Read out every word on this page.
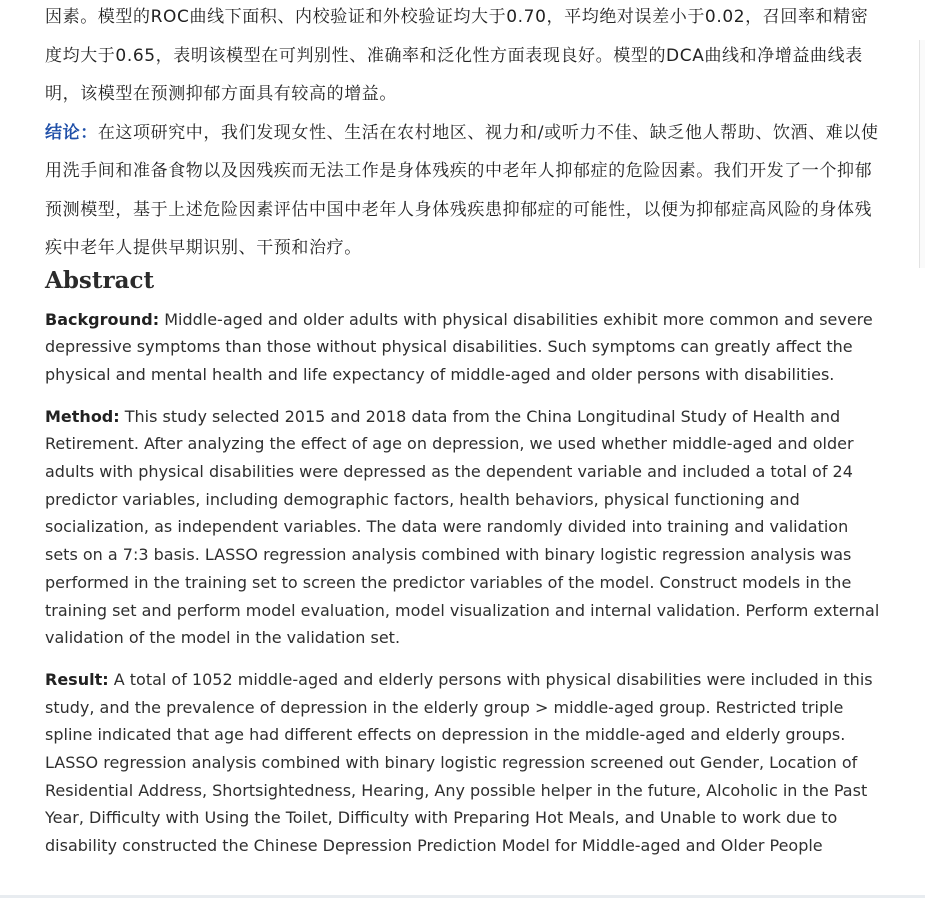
因素。模型的ROC曲线下面积、内校验证和外校验证均大于0.70，平均绝对误差小于0.02，召回率和精密度均大于0.65，表明该模型在可判别性、准确率和泛化性方面表现良好。模型的DCA曲线和净增益曲线表明，该模型在预测抑郁方面具有较高的增益。

结论：在这项研究中，我们发现女性、生活在农村地区、视力和/或听力不佳、缺乏他人帮助、饮酒、难以使用洗手间和准备食物以及因残疾而无法工作是身体残疾的中老年人抑郁症的危险因素。我们开发了一个抑郁预测模型，基于上述危险因素评估中国中老年人身体残疾患抑郁症的可能性，以便为抑郁症高风险的身体残疾中老年人提供早期识别、干预和治疗。

Abstract

Background: Middle-aged and older adults with physical disabilities exhibit more common and severe depressive symptoms than those without physical disabilities. Such symptoms can greatly affect the physical and mental health and life expectancy of middle-aged and older persons with disabilities.

Method: This study selected 2015 and 2018 data from the China Longitudinal Study of Health and Retirement. After analyzing the effect of age on depression, we used whether middle-aged and older adults with physical disabilities were depressed as the dependent variable and included a total of 24 predictor variables, including demographic factors, health behaviors, physical functioning and socialization, as independent variables. The data were randomly divided into training and validation sets on a 7:3 basis. LASSO regression analysis combined with binary logistic regression analysis was performed in the training set to screen the predictor variables of the model. Construct models in the training set and perform model evaluation, model visualization and internal validation. Perform external validation of the model in the validation set.

Result: A total of 1052 middle-aged and elderly persons with physical disabilities were included in this study, and the prevalence of depression in the elderly group > middle-aged group. Restricted triple spline indicated that age had different effects on depression in the middle-aged and elderly groups. LASSO regression analysis combined with binary logistic regression screened out Gender, Location of Residential Address, Shortsightedness, Hearing, Any possible helper in the future, Alcoholic in the Past Year, Difficulty with Using the Toilet, Difficulty with Preparing Hot Meals, and Unable to work due to disability constructed the Chinese Depression Prediction Model for Middle-aged and Older People
